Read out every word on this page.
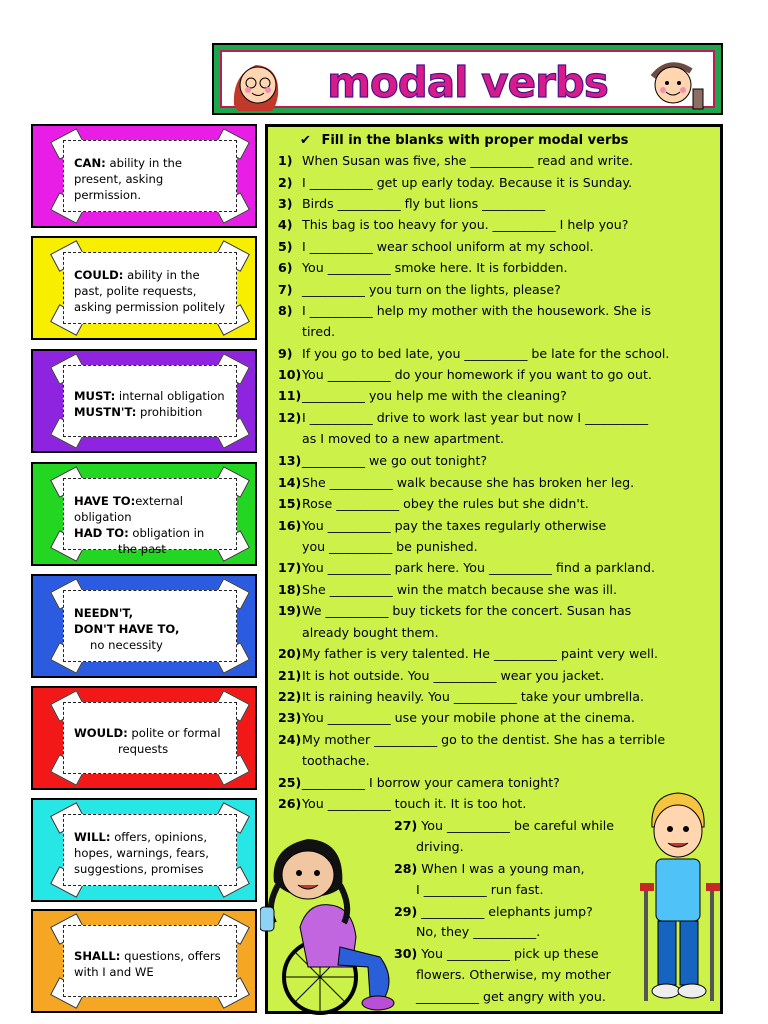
modal verbs
CAN: ability in the
present, asking
permission.
COULD: ability in the
past, polite requests,
asking permission politely
MUST: internal obligation
MUSTN'T: prohibition
HAVE TO:external obligation
HAD TO: obligation in
the past
NEEDN'T,
DON'T HAVE TO,
no necessity
WOULD: polite or formal
requests
WILL: offers, opinions,
hopes, warnings, fears,
suggestions, promises
SHALL: questions, offers
with I and WE
✔ Fill in the blanks with proper modal verbs
1) When Susan was five, she __________ read and write.
2) I __________ get up early today. Because it is Sunday.
3) Birds __________ fly but lions __________
4) This bag is too heavy for you. __________ I help you?
5) I __________ wear school uniform at my school.
6) You __________ smoke here. It is forbidden.
7) __________ you turn on the lights, please?
8) I __________ help my mother with the housework. She is
tired.
9) If you go to bed late, you __________ be late for the school.
10)You __________ do your homework if you want to go out.
11)__________ you help me with the cleaning?
12)I __________ drive to work last year but now I __________
as I moved to a new apartment.
13)__________ we go out tonight?
14)She __________ walk because she has broken her leg.
15)Rose __________ obey the rules but she didn't.
16)You __________ pay the taxes regularly otherwise
you __________ be punished.
17)You __________ park here. You __________ find a parkland.
18)She __________ win the match because she was ill.
19)We __________ buy tickets for the concert. Susan has
already bought them.
20)My father is very talented. He __________ paint very well.
21)It is hot outside. You __________ wear you jacket.
22)It is raining heavily. You __________ take your umbrella.
23)You __________ use your mobile phone at the cinema.
24)My mother __________ go to the dentist. She has a terrible
toothache.
25)__________ I borrow your camera tonight?
26)You __________ touch it. It is too hot.
27) You __________ be careful while
driving.
28) When I was a young man,
I __________ run fast.
29) __________ elephants jump?
No, they __________.
30) You __________ pick up these
flowers. Otherwise, my mother
__________ get angry with you.
